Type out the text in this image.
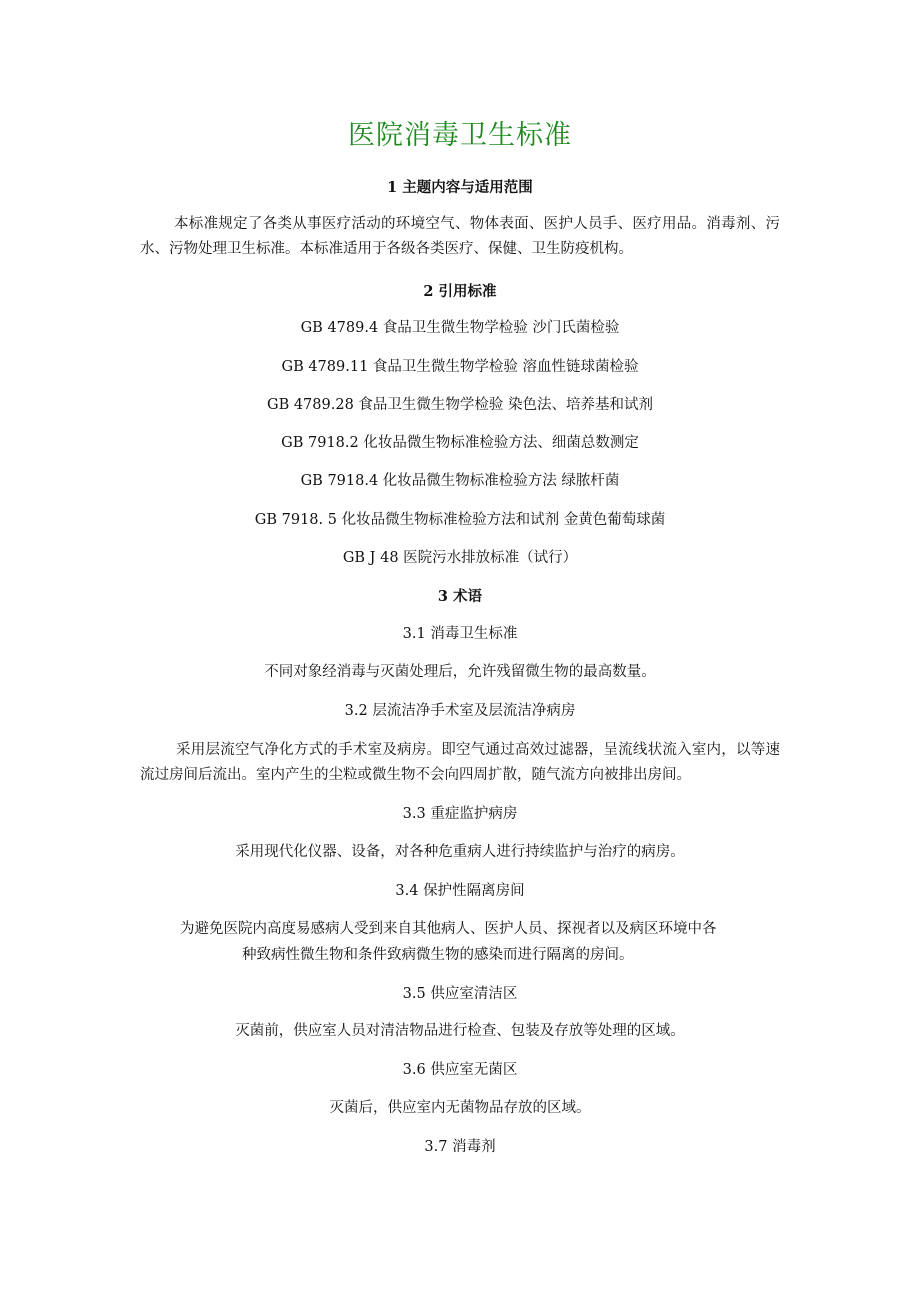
医院消毒卫生标准
1 主题内容与适用范围
本标准规定了各类从事医疗活动的环境空气、物体表面、医护人员手、医疗用品。消毒剂、污水、污物处理卫生标准。本标准适用于各级各类医疗、保健、卫生防疫机构。
2 引用标准
GB 4789.4 食品卫生微生物学检验 沙门氏菌检验
GB 4789.11 食品卫生微生物学检验 溶血性链球菌检验
GB 4789.28 食品卫生微生物学检验 染色法、培养基和试剂
GB 7918.2 化妆品微生物标准检验方法、细菌总数测定
GB 7918.4 化妆品微生物标准检验方法 绿脓杆菌
GB 7918. 5 化妆品微生物标准检验方法和试剂 金黄色葡萄球菌
GB J 48 医院污水排放标准（试行）
3 术语
3.1 消毒卫生标准
不同对象经消毒与灭菌处理后，允许残留微生物的最高数量。
3.2 层流洁净手术室及层流洁净病房
采用层流空气净化方式的手术室及病房。即空气通过高效过滤器，呈流线状流入室内，以等速流过房间后流出。室内产生的尘粒或微生物不会向四周扩散，随气流方向被排出房间。
3.3 重症监护病房
采用现代化仪器、设备，对各种危重病人进行持续监护与治疗的病房。
3.4 保护性隔离房间
为避免医院内高度易感病人受到来自其他病人、医护人员、探视者以及病区环境中各
种致病性微生物和条件致病微生物的感染而进行隔离的房间。
3.5 供应室清洁区
灭菌前，供应室人员对清洁物品进行检查、包装及存放等处理的区域。
3.6 供应室无菌区
灭菌后，供应室内无菌物品存放的区域。
3.7 消毒剂
